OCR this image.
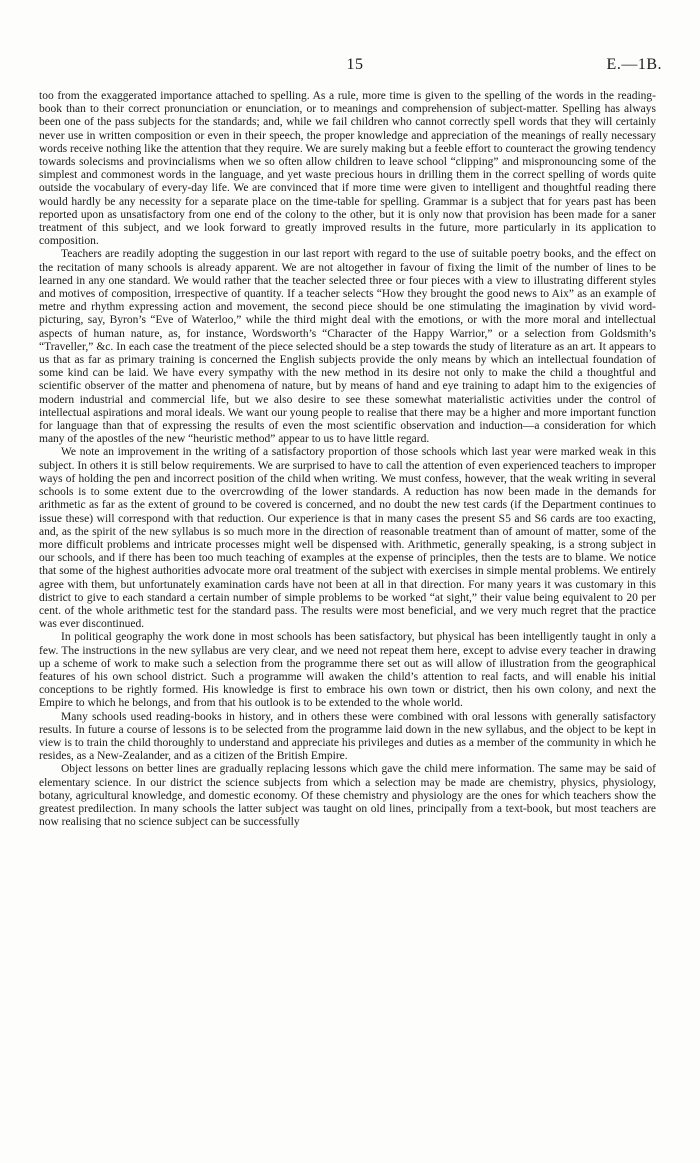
15	E.—1B.

too from the exaggerated importance attached to spelling. As a rule, more time is given to the spelling of the words in the reading-book than to their correct pronunciation or enunciation, or to meanings and comprehension of subject-matter. Spelling has always been one of the pass subjects for the standards; and, while we fail children who cannot correctly spell words that they will certainly never use in written composition or even in their speech, the proper knowledge and appreciation of the meanings of really necessary words receive nothing like the attention that they require. We are surely making but a feeble effort to counteract the growing tendency towards solecisms and provincialisms when we so often allow children to leave school “clipping” and mispronouncing some of the simplest and commonest words in the language, and yet waste precious hours in drilling them in the correct spelling of words quite outside the vocabulary of every-day life. We are convinced that if more time were given to intelligent and thoughtful reading there would hardly be any necessity for a separate place on the time-table for spelling. Grammar is a subject that for years past has been reported upon as unsatisfactory from one end of the colony to the other, but it is only now that provision has been made for a saner treatment of this subject, and we look forward to greatly improved results in the future, more particularly in its application to composition.

Teachers are readily adopting the suggestion in our last report with regard to the use of suitable poetry books, and the effect on the recitation of many schools is already apparent. We are not altogether in favour of fixing the limit of the number of lines to be learned in any one standard. We would rather that the teacher selected three or four pieces with a view to illustrating different styles and motives of composition, irrespective of quantity. If a teacher selects “How they brought the good news to Aix” as an example of metre and rhythm expressing action and movement, the second piece should be one stimulating the imagination by vivid word-picturing, say, Byron’s “Eve of Waterloo,” while the third might deal with the emotions, or with the more moral and intellectual aspects of human nature, as, for instance, Wordsworth’s “Character of the Happy Warrior,” or a selection from Goldsmith’s “Traveller,” &c. In each case the treatment of the piece selected should be a step towards the study of literature as an art. It appears to us that as far as primary training is concerned the English subjects provide the only means by which an intellectual foundation of some kind can be laid. We have every sympathy with the new method in its desire not only to make the child a thoughtful and scientific observer of the matter and phenomena of nature, but by means of hand and eye training to adapt him to the exigencies of modern industrial and commercial life, but we also desire to see these somewhat materialistic activities under the control of intellectual aspirations and moral ideals. We want our young people to realise that there may be a higher and more important function for language than that of expressing the results of even the most scientific observation and induction—a consideration for which many of the apostles of the new “heuristic method” appear to us to have little regard.

We note an improvement in the writing of a satisfactory proportion of those schools which last year were marked weak in this subject. In others it is still below requirements. We are surprised to have to call the attention of even experienced teachers to improper ways of holding the pen and incorrect position of the child when writing. We must confess, however, that the weak writing in several schools is to some extent due to the overcrowding of the lower standards. A reduction has now been made in the demands for arithmetic as far as the extent of ground to be covered is concerned, and no doubt the new test cards (if the Department continues to issue these) will correspond with that reduction. Our experience is that in many cases the present S5 and S6 cards are too exacting, and, as the spirit of the new syllabus is so much more in the direction of reasonable treatment than of amount of matter, some of the more difficult problems and intricate processes might well be dispensed with. Arithmetic, generally speaking, is a strong subject in our schools, and if there has been too much teaching of examples at the expense of principles, then the tests are to blame. We notice that some of the highest authorities advocate more oral treatment of the subject with exercises in simple mental problems. We entirely agree with them, but unfortunately examination cards have not been at all in that direction. For many years it was customary in this district to give to each standard a certain number of simple problems to be worked “at sight,” their value being equivalent to 20 per cent. of the whole arithmetic test for the standard pass. The results were most beneficial, and we very much regret that the practice was ever discontinued.

In political geography the work done in most schools has been satisfactory, but physical has been intelligently taught in only a few. The instructions in the new syllabus are very clear, and we need not repeat them here, except to advise every teacher in drawing up a scheme of work to make such a selection from the programme there set out as will allow of illustration from the geographical features of his own school district. Such a programme will awaken the child’s attention to real facts, and will enable his initial conceptions to be rightly formed. His knowledge is first to embrace his own town or district, then his own colony, and next the Empire to which he belongs, and from that his outlook is to be extended to the whole world.

Many schools used reading-books in history, and in others these were combined with oral lessons with generally satisfactory results. In future a course of lessons is to be selected from the programme laid down in the new syllabus, and the object to be kept in view is to train the child thoroughly to understand and appreciate his privileges and duties as a member of the community in which he resides, as a New-Zealander, and as a citizen of the British Empire.

Object lessons on better lines are gradually replacing lessons which gave the child mere information. The same may be said of elementary science. In our district the science subjects from which a selection may be made are chemistry, physics, physiology, botany, agricultural knowledge, and domestic economy. Of these chemistry and physiology are the ones for which teachers show the greatest predilection. In many schools the latter subject was taught on old lines, principally from a text-book, but most teachers are now realising that no science subject can be successfully
